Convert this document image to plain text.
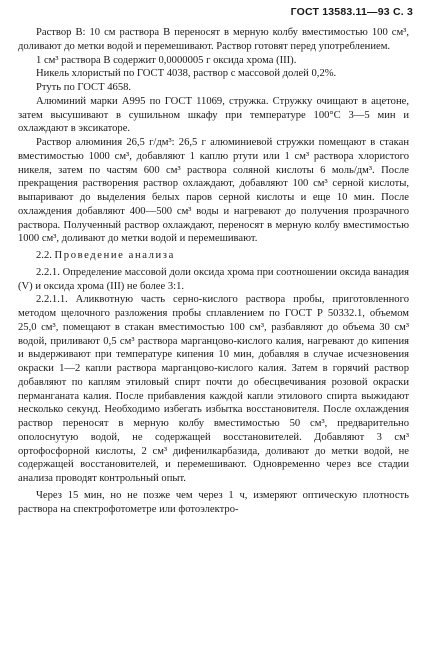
ГОСТ 13583.11—93 С. 3

Раствор В: 10 см раствора В переносят в мерную колбу вместимостью 100 см³, доливают до метки водой и перемешивают. Раствор готовят перед употреблением.

1 см³ раствора В содержит 0,0000005 г оксида хрома (III).

Никель хлористый по ГОСТ 4038, раствор с массовой долей 0,2%.

Ртуть по ГОСТ 4658.

Алюминий марки А995 по ГОСТ 11069, стружка. Стружку очищают в ацетоне, затем высушивают в сушильном шкафу при температуре 100°С 3—5 мин и охлаждают в эксикаторе.

Раствор алюминия 26,5 г/дм³: 26,5 г алюминиевой стружки помещают в стакан вместимостью 1000 см³, добавляют 1 каплю ртути или 1 см³ раствора хлористого никеля, затем по частям 600 см³ раствора соляной кислоты 6 моль/дм³. После прекращения растворения раствор охлаждают, добавляют 100 см³ серной кислоты, выпаривают до выделения белых паров серной кислоты и еще 10 мин. После охлаждения добавляют 400—500 см³ воды и нагревают до получения прозрачного раствора. Полученный раствор охлаждают, переносят в мерную колбу вместимостью 1000 см³, доливают до метки водой и перемешивают.

2.2. Проведение анализа

2.2.1. Определение массовой доли оксида хрома при соотношении оксида ванадия (V) и оксида хрома (III) не более 3:1.

2.2.1.1. Аликвотную часть серно-кислого раствора пробы, приготовленного методом щелочного разложения пробы сплавлением по ГОСТ Р 50332.1, объемом 25,0 см³, помещают в стакан вместимостью 100 см³, разбавляют до объема 30 см³ водой, приливают 0,5 см³ раствора марганцово-кислого калия, нагревают до кипения и выдерживают при температуре кипения 10 мин, добавляя в случае исчезновения окраски 1—2 капли раствора марганцово-кислого калия. Затем в горячий раствор добавляют по каплям этиловый спирт почти до обесцвечивания розовой окраски перманганата калия. После прибавления каждой капли этилового спирта выжидают несколько секунд. Необходимо избегать избытка восстановителя. После охлаждения раствор переносят в мерную колбу вместимостью 50 см³, предварительно ополоснутую водой, не содержащей восстановителей. Добавляют 3 см³ ортофосфорной кислоты, 2 см³ дифенилкарбазида, доливают до метки водой, не содержащей восстановителей, и перемешивают. Одновременно через все стадии анализа проводят контрольный опыт.

Через 15 мин, но не позже чем через 1 ч, измеряют оптическую плотность раствора на спектрофотометре или фотоэлектро-
